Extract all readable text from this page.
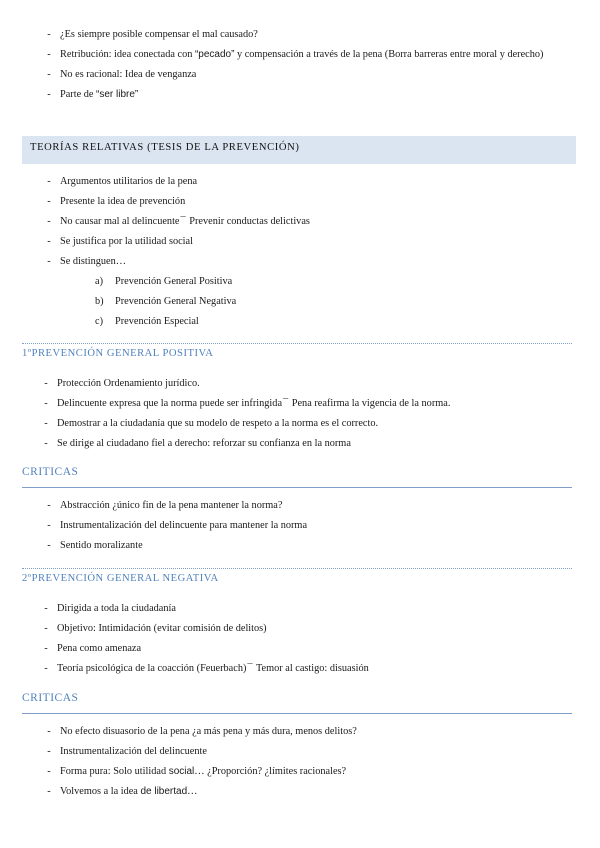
- ¿Es siempre posible compensar el mal causado?
- Retribución: idea conectada con “pecado” y compensación a través de la pena (Borra barreras entre moral y derecho)
- No es racional: Idea de venganza
- Parte de “ser libre”
TEORÍAS RELATIVAS (TESIS DE LA PREVENCIÓN)
- Argumentos utilitarios de la pena
- Presente la idea de prevención
- No causar mal al delincuente¯ Prevenir conductas delictivas
- Se justifica por la utilidad social
- Se distinguen…
a) Prevención General Positiva
b) Prevención General Negativa
c) Prevención Especial
1ºPREVENCIÓN GENERAL POSITIVA
- Protección Ordenamiento jurídico.
- Delincuente expresa que la norma puede ser infringida¯ Pena reafirma la vigencia de la norma.
- Demostrar a la ciudadanía que su modelo de respeto a la norma es el correcto.
- Se dirige al ciudadano fiel a derecho: reforzar su confianza en la norma
CRITICAS
- Abstracción ¿único fin de la pena mantener la norma?
- Instrumentalización del delincuente para mantener la norma
- Sentido moralizante
2ºPREVENCIÓN GENERAL NEGATIVA
- Dirigida a toda la ciudadanía
- Objetivo: Intimidación (evitar comisión de delitos)
- Pena como amenaza
- Teoría psicológica de la coacción (Feuerbach)¯ Temor al castigo: disuasión
CRITICAS
- No efecto disuasorio de la pena ¿a más pena y más dura, menos delitos?
- Instrumentalización del delincuente
- Forma pura: Solo utilidad social… ¿Proporción? ¿límites racionales?
- Volvemos a la idea de libertad…
